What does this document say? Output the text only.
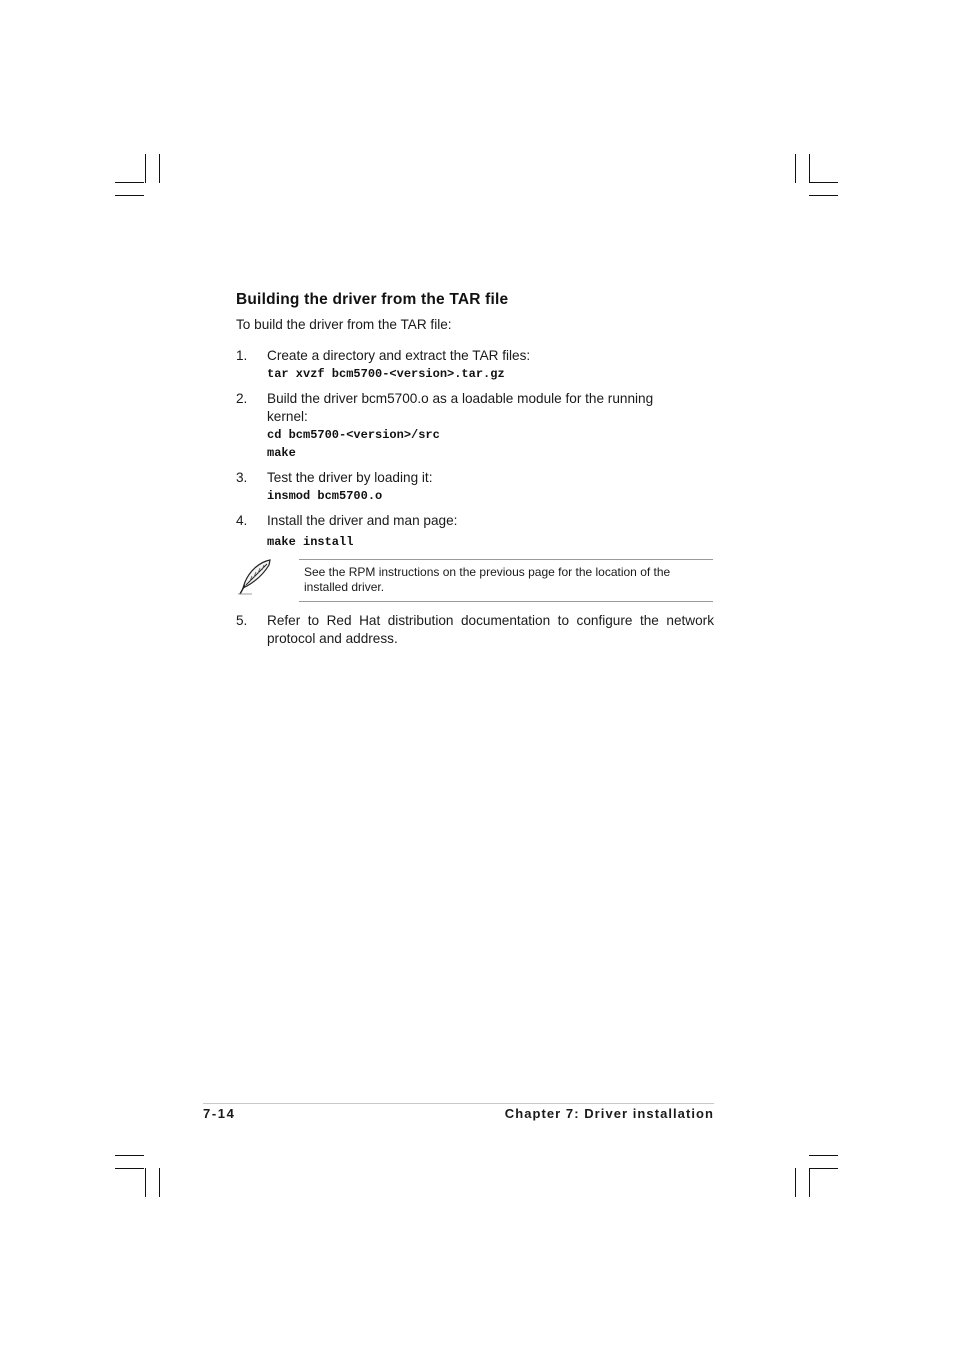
Building the driver from the TAR file
To build the driver from the TAR file:
1. Create a directory and extract the TAR files:
tar xvzf bcm5700-<version>.tar.gz
2. Build the driver bcm5700.o as a loadable module for the running kernel:
cd bcm5700-<version>/src
make
3. Test the driver by loading it:
insmod bcm5700.o
4. Install the driver and man page:
make install
See the RPM instructions on the previous page for the location of the installed driver.
5. Refer to Red Hat distribution documentation to configure the network protocol and address.
7-14	Chapter 7: Driver installation
